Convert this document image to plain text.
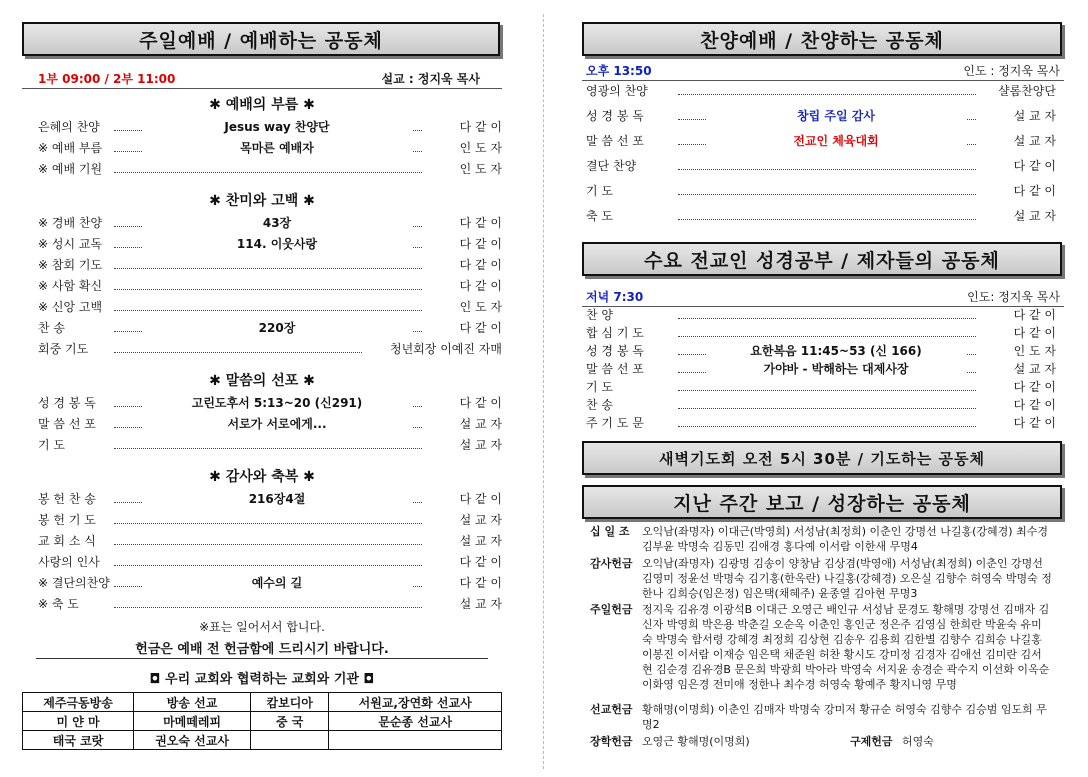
주일예배 / 예배하는 공동체
1부 09:00 / 2부 11:00	설교 : 정지욱 목사
✱ 예배의 부름 ✱
은혜의 찬양	Jesus way 찬양단	다 같 이
※ 예배 부름	목마른 예배자	인 도 자
※ 예배 기원	인 도 자
✱ 찬미와 고백 ✱
※ 경배 찬양	43장	다 같 이
※ 성시 교독	114. 이웃사랑	다 같 이
※ 참회 기도	다 같 이
※ 사함 확신	다 같 이
※ 신앙 고백	인 도 자
찬 송	220장	다 같 이
회중 기도	청년회장 이예진 자매
✱ 말씀의 선포 ✱
성 경 봉 독	고린도후서 5:13~20 (신291)	다 같 이
말 씀 선 포	서로가 서로에게...	설 교 자
기 도	설 교 자
✱ 감사와 축복 ✱
봉 헌 찬 송	216장4절	다 같 이
봉 헌 기 도	설 교 자
교 회 소 식	설 교 자
사랑의 인사	다 같 이
※ 결단의찬양	예수의 길	다 같 이
※ 축 도	설 교 자
※표는 일어서서 합니다.
헌금은 예배 전 헌금함에 드리시기 바랍니다.
◘ 우리 교회와 협력하는 교회와 기관 ◘
제주극동방송	방송 선교	캄보디아	서원교,장연화 선교사
미 얀 마	마메떼레피	중 국	문순종 선교사
태국 코랏	권오숙 선교사		
찬양예배 / 찬양하는 공동체
오후 13:50	인도 : 정지욱 목사
영광의 찬양	샬롬찬양단
성 경 봉 독	창립 주일 감사	설 교 자
말 씀 선 포	전교인 체육대회	설 교 자
결단 찬양	다 같 이
기 도	다 같 이
축 도	설 교 자
수요 전교인 성경공부 / 제자들의 공동체
저녁 7:30	인도: 정지욱 목사
찬 양	다 같 이
합 심 기 도	다 같 이
성 경 봉 독	요한복음 11:45~53 (신 166)	인 도 자
말 씀 선 포	가야바 - 박해하는 대제사장	설 교 자
기 도	다 같 이
찬 송	다 같 이
주 기 도 문	다 같 이
새벽기도회 오전 5시 30분 / 기도하는 공동체
지난 주간 보고 / 성장하는 공동체
십 일 조 오익남(좌명자) 이대근(박영희) 서성남(최정희) 이춘인 강명선 나길홍(강혜경) 최수경 김부윤 박명숙 김동민 김애경 홍다예 이서람 이한새 무명4
감사헌금 오익남(좌명자) 김광명 김송이 양창남 김상겸(박영애) 서성남(최정희) 이춘인 강명선 김영미 정윤선 박명숙 김기홍(한옥란) 나길홍(강혜경) 오은실 김향수 허영숙 박명숙 정한나 김희승(임은정) 임은택(채혜주) 윤종열 김아현 무명3
주일헌금 정지욱 김유경 이광석B 이대근 오영근 배인규 서성남 문경도 황해명 강명선 김매자 김신자 박영희 박은용 박춘길 오순옥 이춘인 홍인군 정은주 김영심 한희란 박윤숙 유미숙 박명숙 함서령 강혜경 최정희 김상현 김송우 김용희 김한별 김향수 김희승 나길홍 이봉진 이서람 이재승 임은택 채준원 허찬 황시도 강미정 김경자 김애선 김미란 김서현 김순경 김유경B 문은희 박광희 박아라 박영숙 서지윤 송경순 곽수지 이선화 이옥순 이화영 임은경 전미애 정한나 최수경 허영숙 황예주 황지니영 무명
선교헌금 황해명(이명희) 이춘인 김매자 박명숙 강미저 황규순 허영숙 김향수 김승범 임도희 무명2
장학헌금 오영근 황해명(이명희)	구제헌금 허영숙
